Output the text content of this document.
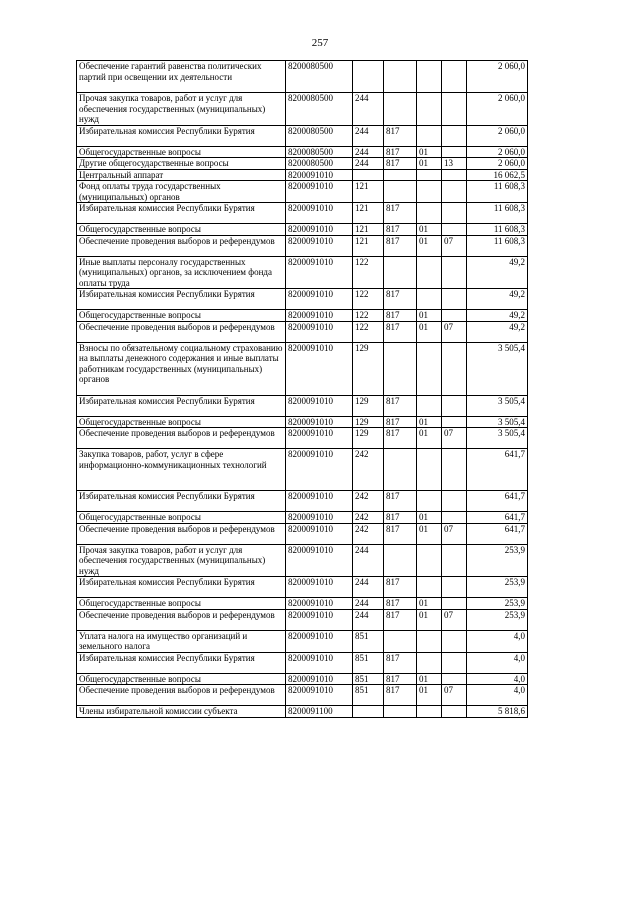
257
Обеспечение гарантий равенства политических партий при освещении их деятельности	8200080500					2 060,0
Прочая закупка товаров, работ и услуг для обеспечения государственных (муниципальных) нужд	8200080500	244				2 060,0
Избирательная комиссия Республики Бурятия	8200080500	244	817			2 060,0
Общегосударственные вопросы	8200080500	244	817	01		2 060,0
Другие общегосударственные вопросы	8200080500	244	817	01	13	2 060,0
Центральный аппарат	8200091010					16 062,5
Фонд оплаты труда государственных (муниципальных) органов	8200091010	121				11 608,3
Избирательная комиссия Республики Бурятия	8200091010	121	817			11 608,3
Общегосударственные вопросы	8200091010	121	817	01		11 608,3
Обеспечение проведения выборов и референдумов	8200091010	121	817	01	07	11 608,3
Иные выплаты персоналу государственных (муниципальных) органов, за исключением фонда оплаты труда	8200091010	122				49,2
Избирательная комиссия Республики Бурятия	8200091010	122	817			49,2
Общегосударственные вопросы	8200091010	122	817	01		49,2
Обеспечение проведения выборов и референдумов	8200091010	122	817	01	07	49,2
Взносы по обязательному социальному страхованию на выплаты денежного содержания и иные выплаты работникам государственных (муниципальных) органов	8200091010	129				3 505,4
Избирательная комиссия Республики Бурятия	8200091010	129	817			3 505,4
Общегосударственные вопросы	8200091010	129	817	01		3 505,4
Обеспечение проведения выборов и референдумов	8200091010	129	817	01	07	3 505,4
Закупка товаров, работ, услуг в сфере информационно-коммуникационных технологий	8200091010	242				641,7
Избирательная комиссия Республики Бурятия	8200091010	242	817			641,7
Общегосударственные вопросы	8200091010	242	817	01		641,7
Обеспечение проведения выборов и референдумов	8200091010	242	817	01	07	641,7
Прочая закупка товаров, работ и услуг для обеспечения государственных (муниципальных) нужд	8200091010	244				253,9
Избирательная комиссия Республики Бурятия	8200091010	244	817			253,9
Общегосударственные вопросы	8200091010	244	817	01		253,9
Обеспечение проведения выборов и референдумов	8200091010	244	817	01	07	253,9
Уплата налога на имущество организаций и земельного налога	8200091010	851				4,0
Избирательная комиссия Республики Бурятия	8200091010	851	817			4,0
Общегосударственные вопросы	8200091010	851	817	01		4,0
Обеспечение проведения выборов и референдумов	8200091010	851	817	01	07	4,0
Члены избирательной комиссии субъекта	8200091100					5 818,6
